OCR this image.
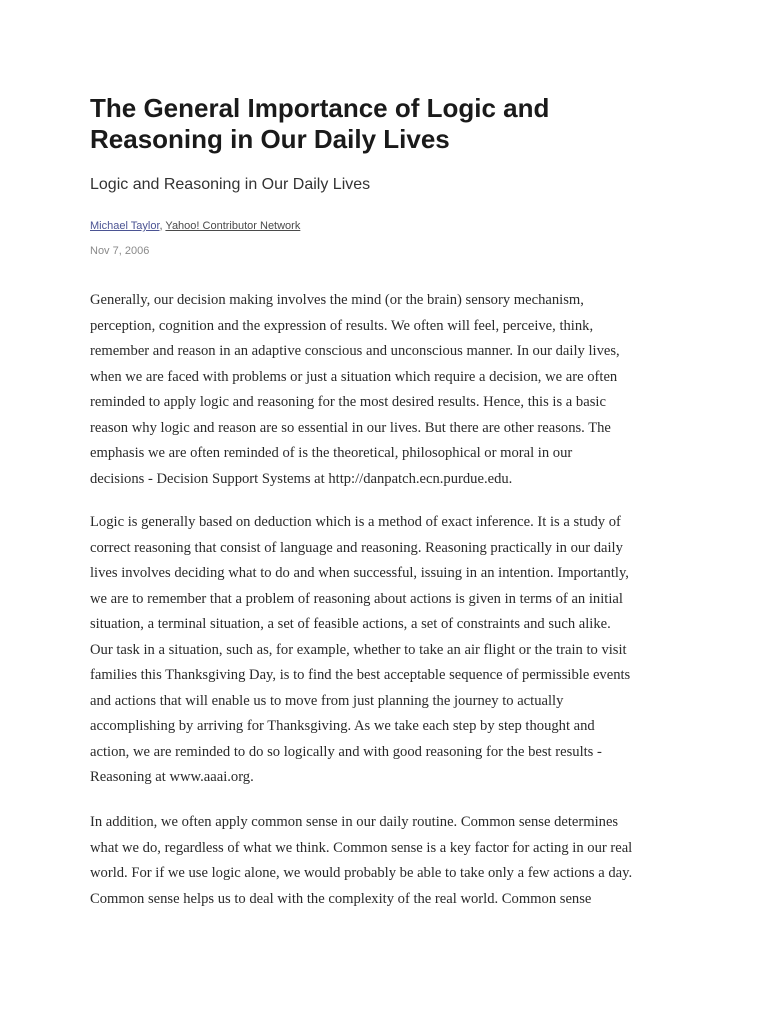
The General Importance of Logic and
Reasoning in Our Daily Lives
Logic and Reasoning in Our Daily Lives
Michael Taylor, Yahoo! Contributor Network
Nov 7, 2006

Generally, our decision making involves the mind (or the brain) sensory mechanism,
perception, cognition and the expression of results. We often will feel, perceive, think,
remember and reason in an adaptive conscious and unconscious manner. In our daily lives,
when we are faced with problems or just a situation which require a decision, we are often
reminded to apply logic and reasoning for the most desired results. Hence, this is a basic
reason why logic and reason are so essential in our lives. But there are other reasons. The
emphasis we are often reminded of is the theoretical, philosophical or moral in our
decisions - Decision Support Systems at http://danpatch.ecn.purdue.edu.

Logic is generally based on deduction which is a method of exact inference. It is a study of
correct reasoning that consist of language and reasoning. Reasoning practically in our daily
lives involves deciding what to do and when successful, issuing in an intention. Importantly,
we are to remember that a problem of reasoning about actions is given in terms of an initial
situation, a terminal situation, a set of feasible actions, a set of constraints and such alike.
Our task in a situation, such as, for example, whether to take an air flight or the train to visit
families this Thanksgiving Day, is to find the best acceptable sequence of permissible events
and actions that will enable us to move from just planning the journey to actually
accomplishing by arriving for Thanksgiving. As we take each step by step thought and
action, we are reminded to do so logically and with good reasoning for the best results -
Reasoning at www.aaai.org.

In addition, we often apply common sense in our daily routine. Common sense determines
what we do, regardless of what we think. Common sense is a key factor for acting in our real
world. For if we use logic alone, we would probably be able to take only a few actions a day.
Common sense helps us to deal with the complexity of the real world. Common sense
